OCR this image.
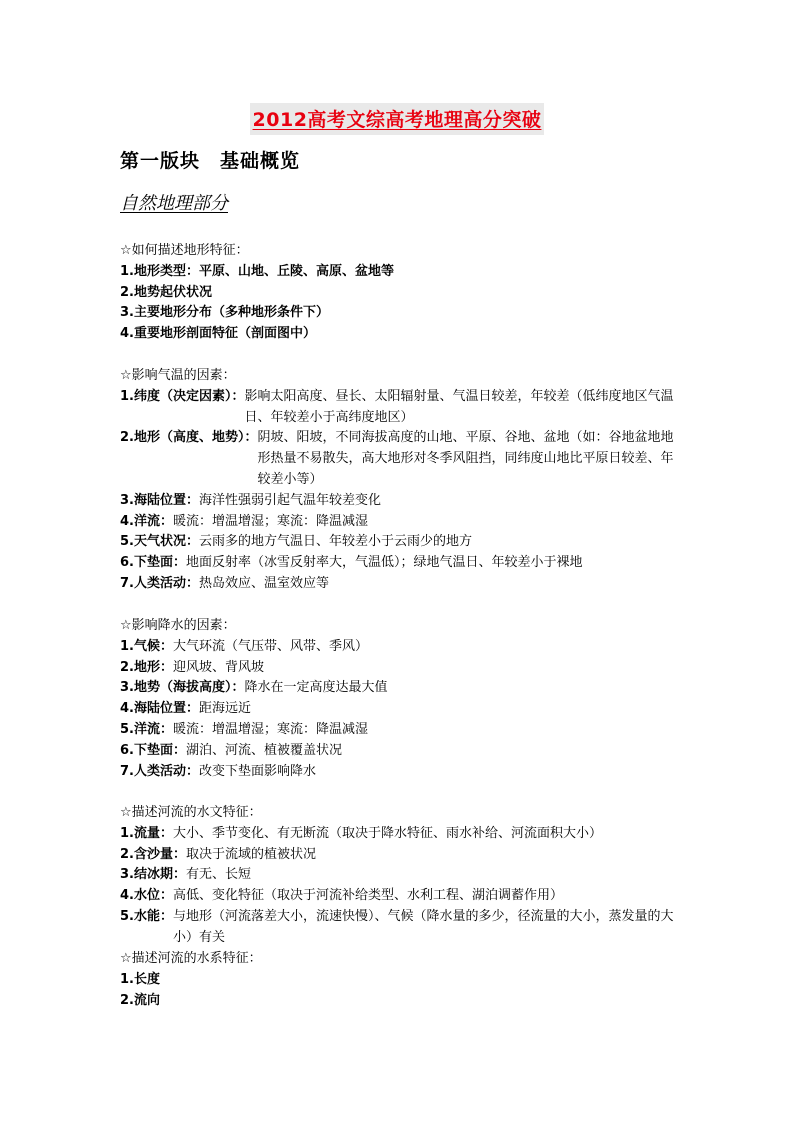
2012高考文综高考地理高分突破
第一版块　基础概览
自然地理部分
☆如何描述地形特征：
1.地形类型：平原、山地、丘陵、高原、盆地等
2.地势起伏状况
3.主要地形分布（多种地形条件下）
4.重要地形剖面特征（剖面图中）
☆影响气温的因素：
1.纬度（决定因素）： 影响太阳高度、昼长、太阳辐射量、气温日较差，年较差（低纬度地区气温日、年较差小于高纬度地区）
2.地形（高度、地势）： 阴坡、阳坡，不同海拔高度的山地、平原、谷地、盆地（如：谷地盆地地形热量不易散失，高大地形对冬季风阻挡，同纬度山地比平原日较差、年较差小等）
3.海陆位置：海洋性强弱引起气温年较差变化
4.洋流：暖流：增温增湿；寒流：降温减湿
5.天气状况：云雨多的地方气温日、年较差小于云雨少的地方
6.下垫面：地面反射率（冰雪反射率大，气温低）；绿地气温日、年较差小于裸地
7.人类活动：热岛效应、温室效应等
☆影响降水的因素：
1.气候：大气环流（气压带、风带、季风）
2.地形：迎风坡、背风坡
3.地势（海拔高度）：降水在一定高度达最大值
4.海陆位置：距海远近
5.洋流：暖流：增温增湿；寒流：降温减湿
6.下垫面：湖泊、河流、植被覆盖状况
7.人类活动：改变下垫面影响降水
☆描述河流的水文特征：
1.流量：大小、季节变化、有无断流（取决于降水特征、雨水补给、河流面积大小）
2.含沙量：取决于流域的植被状况
3.结冰期：有无、长短
4.水位：高低、变化特征（取决于河流补给类型、水利工程、湖泊调蓄作用）
5.水能： 与地形（河流落差大小，流速快慢）、气候（降水量的多少，径流量的大小，蒸发量的大小）有关
☆描述河流的水系特征：
1.长度
2.流向
